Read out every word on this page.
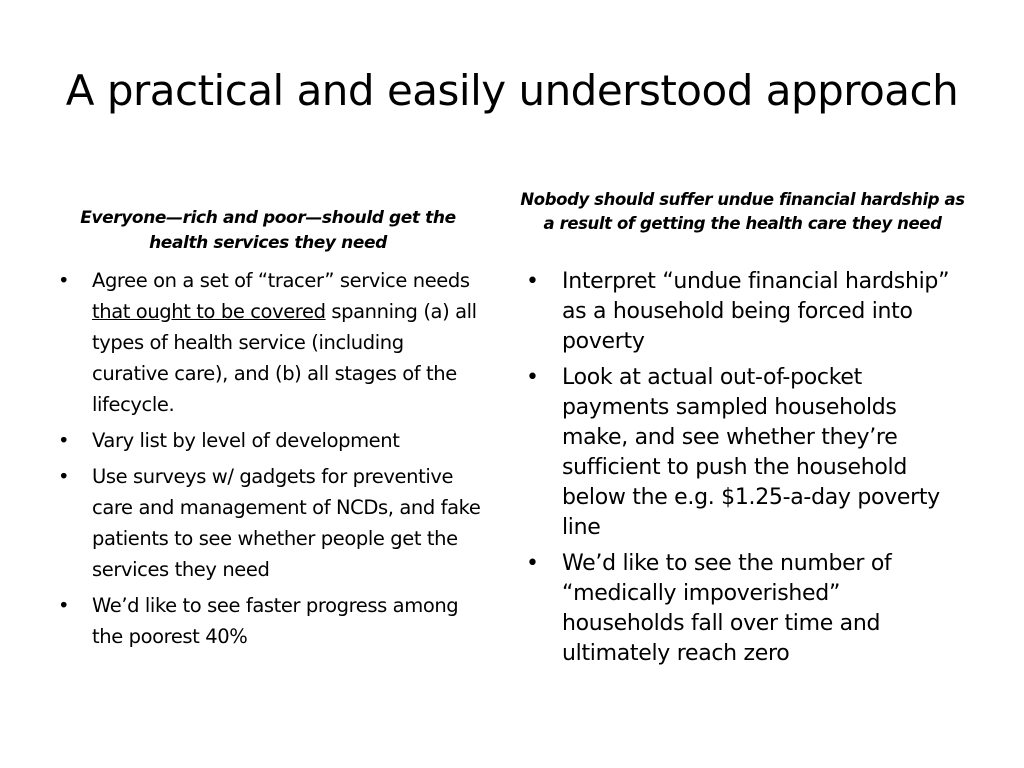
A practical and easily understood approach
Everyone—rich and poor—should get the health services they need
• Agree on a set of “tracer” service needs that ought to be covered spanning (a) all types of health service (including curative care), and (b) all stages of the lifecycle.
• Vary list by level of development
• Use surveys w/ gadgets for preventive care and management of NCDs, and fake patients to see whether people get the services they need
• We’d like to see faster progress among the poorest 40%
Nobody should suffer undue financial hardship as a result of getting the health care they need
• Interpret “undue financial hardship” as a household being forced into poverty
• Look at actual out-of-pocket payments sampled households make, and see whether they’re sufficient to push the household below the e.g. $1.25-a-day poverty line
• We’d like to see the number of “medically impoverished” households fall over time and ultimately reach zero
